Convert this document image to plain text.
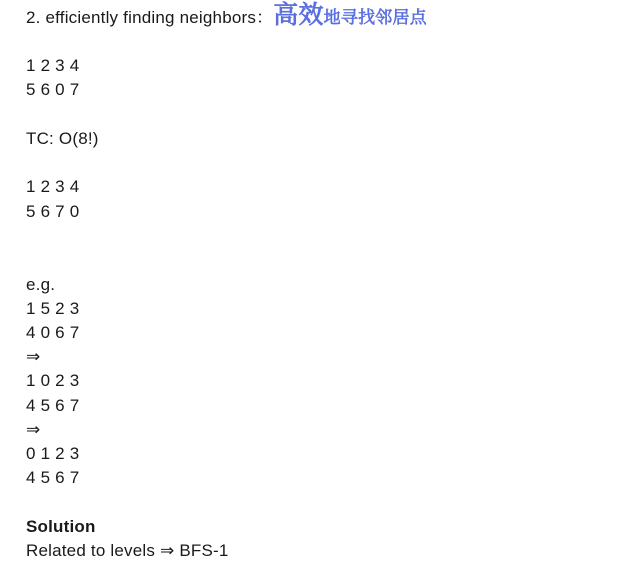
2. efficiently finding neighbors： 高效 地寻找邻居点
1 2 3 4
5 6 0 7
TC: O(8!)
1 2 3 4
5 6 7 0
e.g.
1 5 2 3
4 0 6 7
⇒
1 0 2 3
4 5 6 7
⇒
0 1 2 3
4 5 6 7
Solution
Related to levels ⇒ BFS-1
